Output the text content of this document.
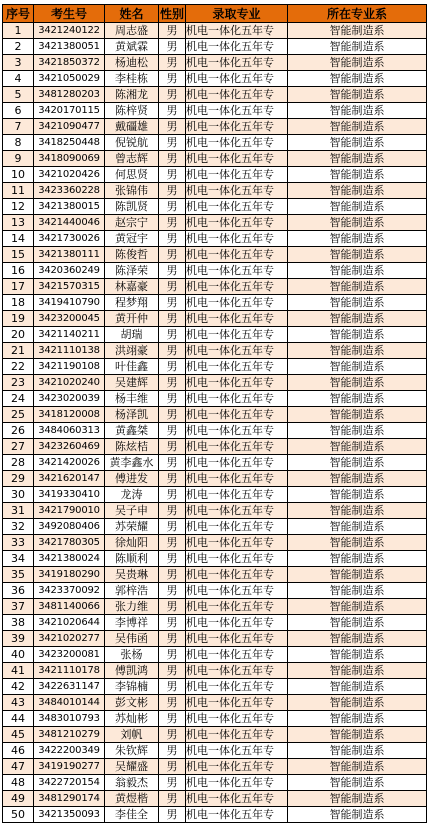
序号	考生号	姓名	性别	录取专业	所在专业系
1	3421240122	周志盛	男	机电一体化五年专	智能制造系
2	3421380051	黄斌霖	男	机电一体化五年专	智能制造系
3	3421850372	杨迪松	男	机电一体化五年专	智能制造系
4	3421050029	李桂栋	男	机电一体化五年专	智能制造系
5	3481280203	陈湘龙	男	机电一体化五年专	智能制造系
6	3420170115	陈梓贤	男	机电一体化五年专	智能制造系
7	3421090477	戴礓雄	男	机电一体化五年专	智能制造系
8	3418250448	倪锐航	男	机电一体化五年专	智能制造系
9	3418090069	曾志辉	男	机电一体化五年专	智能制造系
10	3421020426	何思贤	男	机电一体化五年专	智能制造系
11	3423360228	张锦伟	男	机电一体化五年专	智能制造系
12	3421380015	陈凯贤	男	机电一体化五年专	智能制造系
13	3421440046	赵宗宁	男	机电一体化五年专	智能制造系
14	3421730026	黄冠宇	男	机电一体化五年专	智能制造系
15	3421380111	陈俊哲	男	机电一体化五年专	智能制造系
16	3420360249	陈泽荣	男	机电一体化五年专	智能制造系
17	3421570315	林嘉豪	男	机电一体化五年专	智能制造系
18	3419410790	程梦翔	男	机电一体化五年专	智能制造系
19	3423200045	黄开仲	男	机电一体化五年专	智能制造系
20	3421140211	胡瑞	男	机电一体化五年专	智能制造系
21	3421110138	洪翊豪	男	机电一体化五年专	智能制造系
22	3421190108	叶佳鑫	男	机电一体化五年专	智能制造系
23	3421020240	吴建辉	男	机电一体化五年专	智能制造系
24	3423020039	杨丰维	男	机电一体化五年专	智能制造系
25	3418120008	杨泽凯	男	机电一体化五年专	智能制造系
26	3484060313	黄鑫桀	男	机电一体化五年专	智能制造系
27	3423260469	陈炫桔	男	机电一体化五年专	智能制造系
28	3421420026	黄李鑫水	男	机电一体化五年专	智能制造系
29	3421620147	傅进发	男	机电一体化五年专	智能制造系
30	3419330410	龙涛	男	机电一体化五年专	智能制造系
31	3421790010	吴子申	男	机电一体化五年专	智能制造系
32	3492080406	苏荣耀	男	机电一体化五年专	智能制造系
33	3421780305	徐灿阳	男	机电一体化五年专	智能制造系
34	3421380024	陈顺利	男	机电一体化五年专	智能制造系
35	3419180290	吴贵琳	男	机电一体化五年专	智能制造系
36	3423370092	郭梓浩	男	机电一体化五年专	智能制造系
37	3481140066	张力维	男	机电一体化五年专	智能制造系
38	3421020644	李博祥	男	机电一体化五年专	智能制造系
39	3421020277	吴伟函	男	机电一体化五年专	智能制造系
40	3423200081	张杨	男	机电一体化五年专	智能制造系
41	3421110178	傅凯鸿	男	机电一体化五年专	智能制造系
42	3422631147	李锦楠	男	机电一体化五年专	智能制造系
43	3484010144	彭文彬	男	机电一体化五年专	智能制造系
44	3483010793	苏灿彬	男	机电一体化五年专	智能制造系
45	3481210279	刘帆	男	机电一体化五年专	智能制造系
46	3422200349	朱钦辉	男	机电一体化五年专	智能制造系
47	3419190277	吴耀盛	男	机电一体化五年专	智能制造系
48	3422720154	翁毅杰	男	机电一体化五年专	智能制造系
49	3481290174	黄煜楷	男	机电一体化五年专	智能制造系
50	3421350093	李佳全	男	机电一体化五年专	智能制造系
